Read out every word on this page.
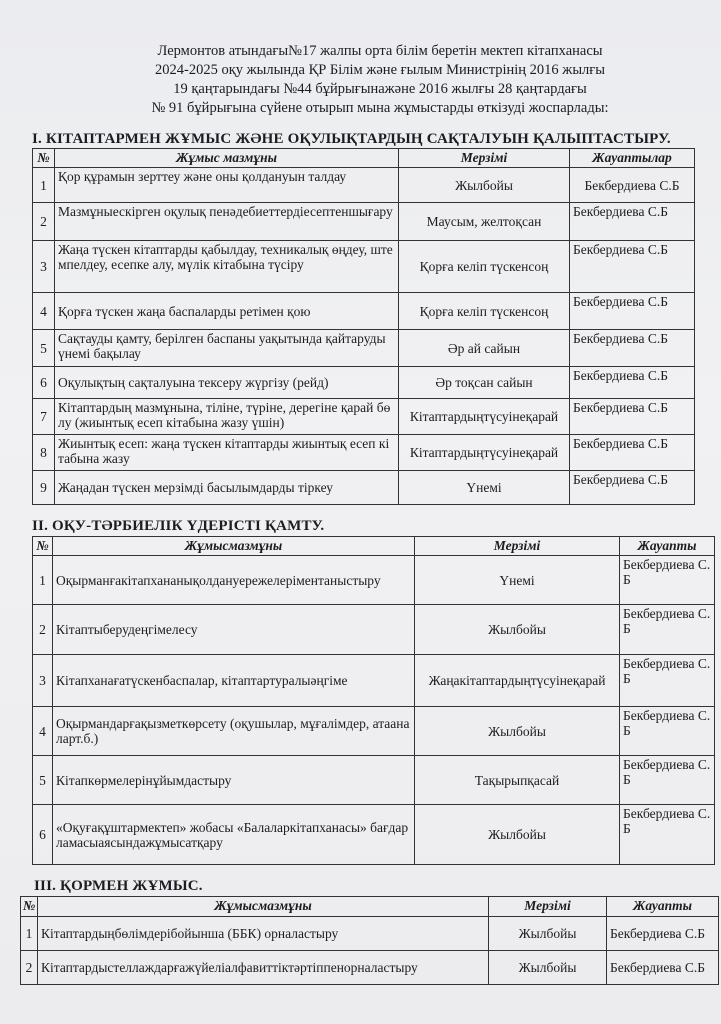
Лермонтов атындағы№17 жалпы орта білім беретін мектеп кітапханасы
2024-2025 оқу жылында ҚР Білім және ғылым Министрінің 2016 жылғы
19 қаңтарындағы №44 бұйрығынажәне 2016 жылғы 28 қаңтардағы
№ 91 бұйрығына сүйене отырып мына жұмыстарды өткізуді жоспарлады:
I. КІТАПТАРМЕН ЖҰМЫС ЖӘНЕ ОҚУЛЫҚТАРДЫҢ САҚТАЛУЫН ҚАЛЫПТАСТЫРУ.
№	Жұмыс мазмұны	Мерзімі	Жауаптылар
1	Қор құрамын зерттеу және оны қолдануын талдау	Жылбойы	Бекбердиева С.Б
2	Мазмұныескірген оқулық пенәдебиеттердіесептеншығару	Маусым, желтоқсан	Бекбердиева С.Б
3	Жаңа түскен кітаптарды қабылдау, техникалық өңдеу, штемпелдеу, есепке алу, мүлік кітабына түсіру	Қорға келіп түскенсоң	Бекбердиева С.Б
4	Қорға түскен жаңа баспаларды ретімен қою	Қорға келіп түскенсоң	Бекбердиева С.Б
5	Сақтауды қамту, берілген баспаны уақытында қайтаруды үнемі бақылау	Әр ай сайын	Бекбердиева С.Б
6	Оқулықтың сақталуына тексеру жүргізу (рейд)	Әр тоқсан сайын	Бекбердиева С.Б
7	Кітаптардың мазмұнына, тіліне, түріне, дерегіне қарай бөлу (жиынтық есеп кітабына жазу үшін)	Кітаптардыңтүсуінеқарай	Бекбердиева С.Б
8	Жиынтық есеп: жаңа түскен кітаптарды жиынтық есеп кітабына жазу	Кітаптардыңтүсуінеқарай	Бекбердиева С.Б
9	Жаңадан түскен мерзімді басылымдарды тіркеу	Үнемі	Бекбердиева С.Б
II. ОҚУ-ТӘРБИЕЛІК ҮДЕРІСТІ ҚАМТУ.
№	Жұмысмазмұны	Мерзімі	Жауапты
1	Оқырманғакітапхананықолдануережелеріментаныстыру	Үнемі	Бекбердиева С.Б
2	Кітаптыберудеңгімелесу	Жылбойы	Бекбердиева С.Б
3	Кітапханағатүскенбаспалар, кітаптартуралыәңгіме	Жаңакітаптардыңтүсуінеқарай	Бекбердиева С.Б
4	Оқырмандарғақызметкөрсету (оқушылар, мұғалімдер, атааналарт.б.)	Жылбойы	Бекбердиева С.Б
5	Кітапкөрмелерінұйымдастыру	Тақырыпқасай	Бекбердиева С.Б
6	«Оқуғақұштармектеп» жобасы «Балаларкітапханасы» бағдарламасыаясындажұмысатқару	Жылбойы	Бекбердиева С.Б
III. ҚОРМЕН ЖҰМЫС.
№	Жұмысмазмұны	Мерзімі	Жауапты
1	Кітаптардыңбөлімдерібойынша (ББК) орналастыру	Жылбойы	Бекбердиева С.Б
2	Кітаптардыстеллаждарғажүйеліалфавиттіктәртіппенорналастыру	Жылбойы	Бекбердиева С.Б
